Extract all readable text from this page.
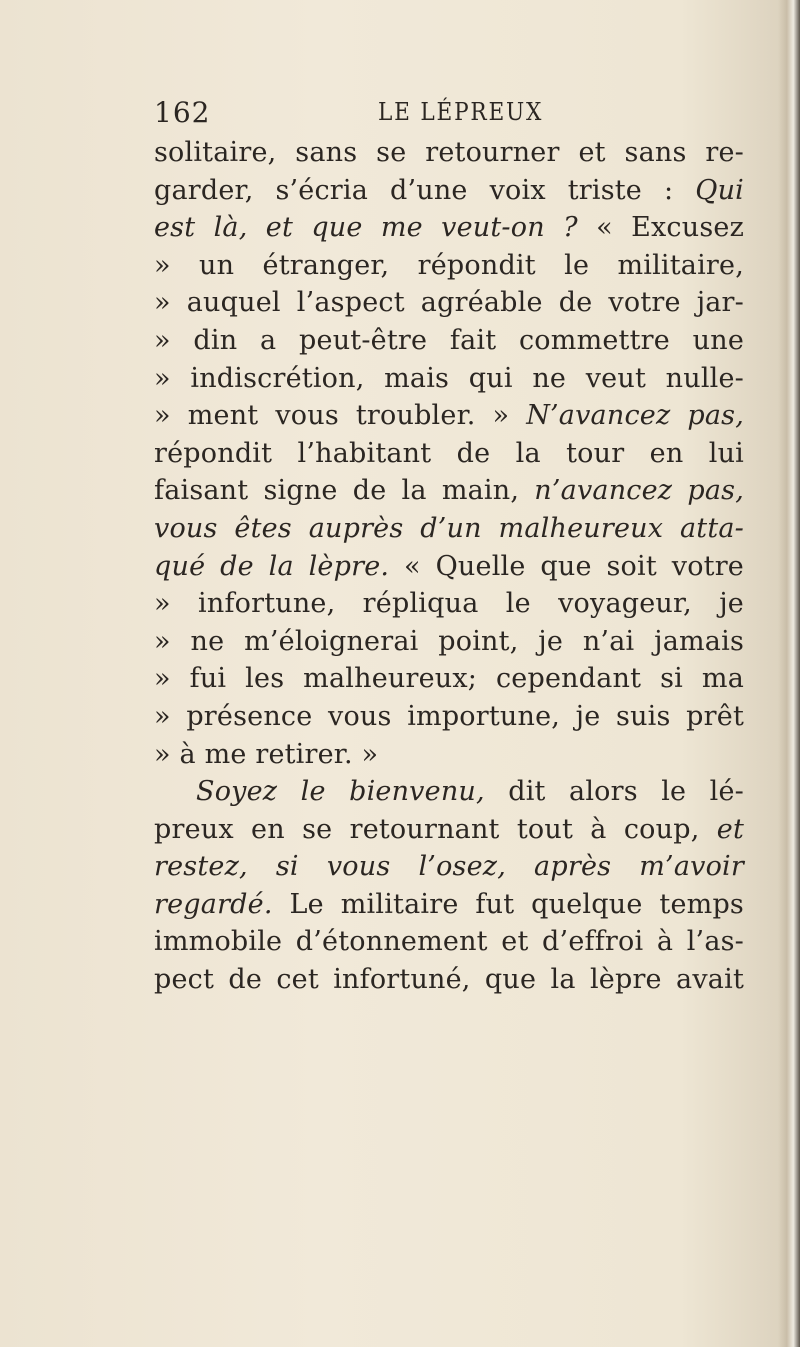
162	LE LÉPREUX
solitaire, sans se retourner et sans re-
garder, s’écria d’une voix triste : Qui
est là, et que me veut-on ? « Excusez
» un étranger, répondit le militaire,
» auquel l’aspect agréable de votre jar-
» din a peut-être fait commettre une
» indiscrétion, mais qui ne veut nulle-
» ment vous troubler. » N’avancez pas,
répondit l’habitant de la tour en lui
faisant signe de la main, n’avancez pas,
vous êtes auprès d’un malheureux atta-
qué de la lèpre. « Quelle que soit votre
» infortune, répliqua le voyageur, je
» ne m’éloignerai point, je n’ai jamais
» fui les malheureux; cependant si ma
» présence vous importune, je suis prêt
» à me retirer. »
Soyez le bienvenu, dit alors le lé-
preux en se retournant tout à coup, et
restez, si vous l’osez, après m’avoir
regardé. Le militaire fut quelque temps
immobile d’étonnement et d’effroi à l’as-
pect de cet infortuné, que la lèpre avait
